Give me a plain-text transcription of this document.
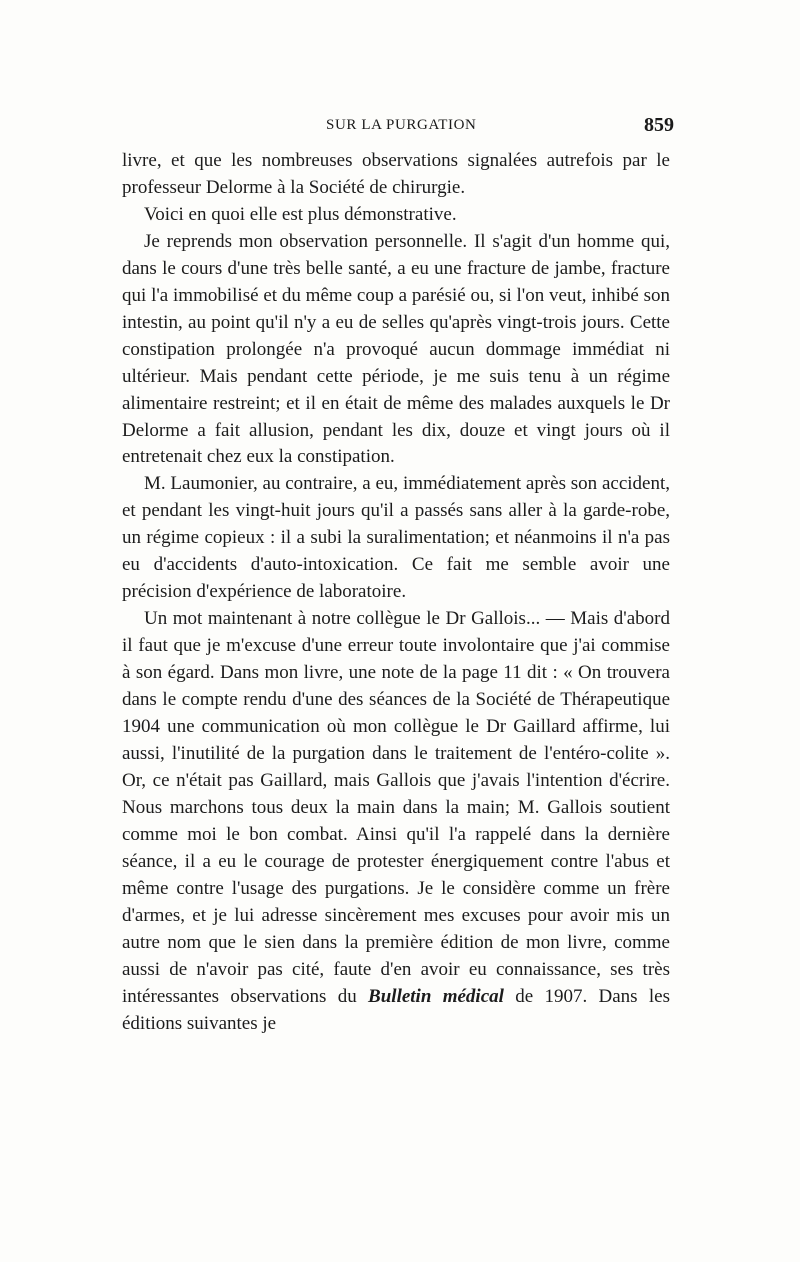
SUR LA PURGATION	859

livre, et que les nombreuses observations signalées autrefois par le professeur Delorme à la Société de chirurgie.

Voici en quoi elle est plus démonstrative.

Je reprends mon observation personnelle. Il s'agit d'un homme qui, dans le cours d'une très belle santé, a eu une fracture de jambe, fracture qui l'a immobilisé et du même coup a parésié ou, si l'on veut, inhibé son intestin, au point qu'il n'y a eu de selles qu'après vingt-trois jours. Cette constipation prolongée n'a provoqué aucun dommage immédiat ni ultérieur. Mais pendant cette période, je me suis tenu à un régime alimentaire restreint; et il en était de même des malades auxquels le Dr Delorme a fait allusion, pendant les dix, douze et vingt jours où il entretenait chez eux la constipation.

M. Laumonier, au contraire, a eu, immédiatement après son accident, et pendant les vingt-huit jours qu'il a passés sans aller à la garde-robe, un régime copieux : il a subi la suralimentation; et néanmoins il n'a pas eu d'accidents d'auto-intoxication. Ce fait me semble avoir une précision d'expérience de laboratoire.

Un mot maintenant à notre collègue le Dr Gallois... — Mais d'abord il faut que je m'excuse d'une erreur toute involontaire que j'ai commise à son égard. Dans mon livre, une note de la page 11 dit : « On trouvera dans le compte rendu d'une des séances de la Société de Thérapeutique 1904 une communication où mon collègue le Dr Gaillard affirme, lui aussi, l'inutilité de la purgation dans le traitement de l'entéro-colite ». Or, ce n'était pas Gaillard, mais Gallois que j'avais l'intention d'écrire. Nous marchons tous deux la main dans la main; M. Gallois soutient comme moi le bon combat. Ainsi qu'il l'a rappelé dans la dernière séance, il a eu le courage de protester énergiquement contre l'abus et même contre l'usage des purgations. Je le considère comme un frère d'armes, et je lui adresse sincèrement mes excuses pour avoir mis un autre nom que le sien dans la première édition de mon livre, comme aussi de n'avoir pas cité, faute d'en avoir eu connaissance, ses très intéressantes observations du Bulletin médical de 1907. Dans les éditions suivantes je
